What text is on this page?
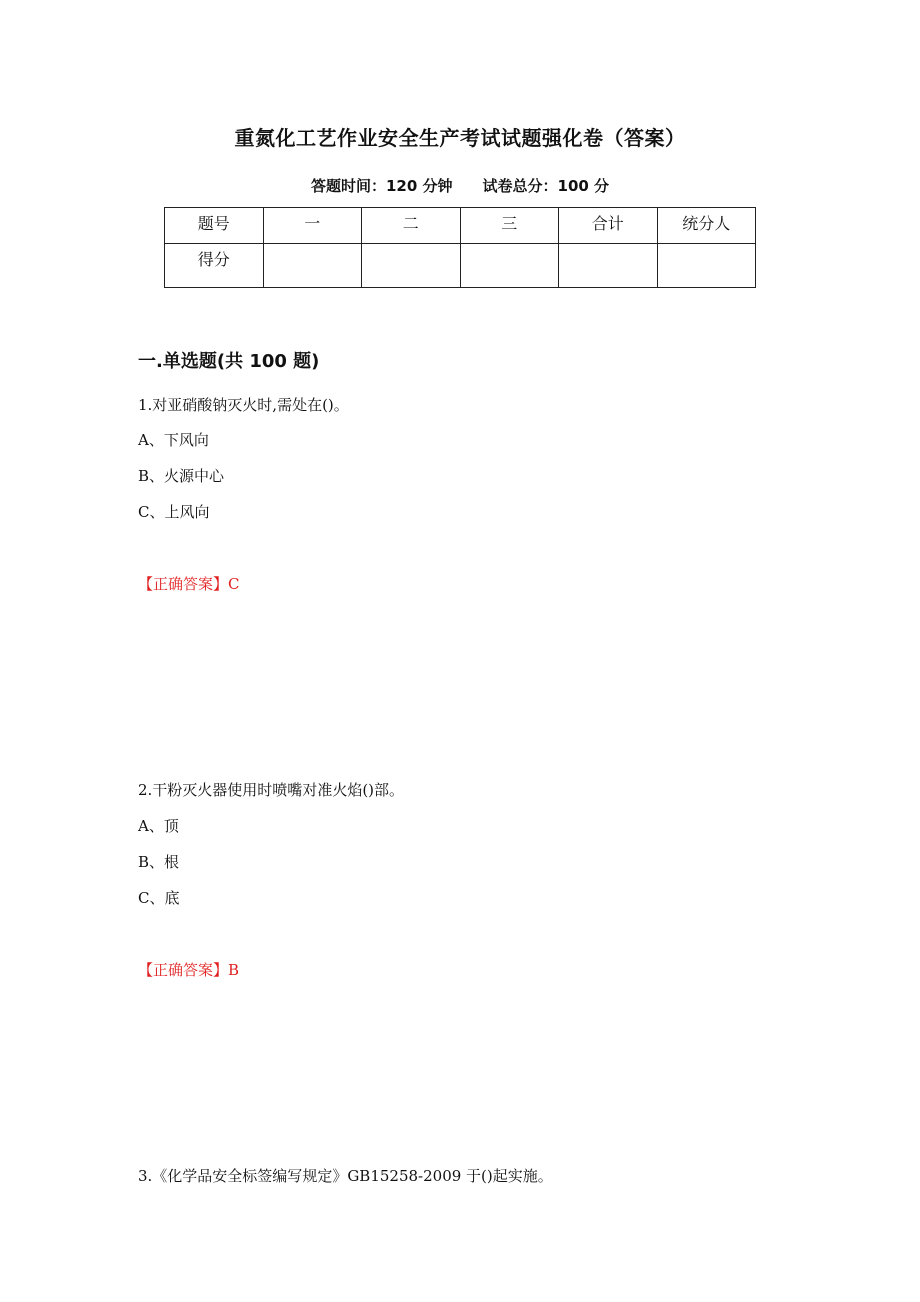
重氮化工艺作业安全生产考试试题强化卷（答案）
答题时间：120 分钟 试卷总分：100 分
题号	一	二	三	合计	统分人
得分					
一.单选题(共 100 题)
1.对亚硝酸钠灭火时,需处在()。
A、下风向
B、火源中心
C、上风向
【正确答案】C
2.干粉灭火器使用时喷嘴对准火焰()部。
A、顶
B、根
C、底
【正确答案】B
3.《化学品安全标签编写规定》GB15258-2009 于()起实施。
